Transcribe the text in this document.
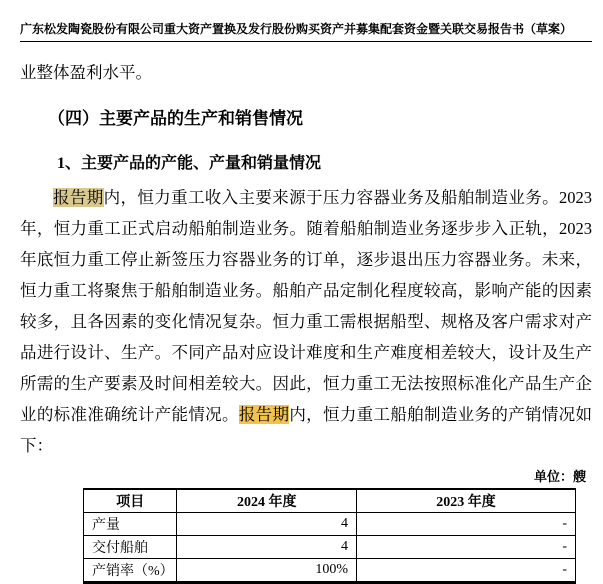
广东松发陶瓷股份有限公司重大资产置换及发行股份购买资产并募集配套资金暨关联交易报告书（草案）
业整体盈利水平。
（四）主要产品的生产和销售情况
1、主要产品的产能、产量和销量情况
报告期内，恒力重工收入主要来源于压力容器业务及船舶制造业务。2023年，恒力重工正式启动船舶制造业务。随着船舶制造业务逐步步入正轨，2023年底恒力重工停止新签压力容器业务的订单，逐步退出压力容器业务。未来，恒力重工将聚焦于船舶制造业务。船舶产品定制化程度较高，影响产能的因素较多，且各因素的变化情况复杂。恒力重工需根据船型、规格及客户需求对产品进行设计、生产。不同产品对应设计难度和生产难度相差较大，设计及生产所需的生产要素及时间相差较大。因此，恒力重工无法按照标准化产品生产企业的标准准确统计产能情况。报告期内，恒力重工船舶制造业务的产销情况如下：
单位：艘
项目	2024 年度	2023 年度
产量	4	-
交付船舶	4	-
产销率（%）	100%	-
